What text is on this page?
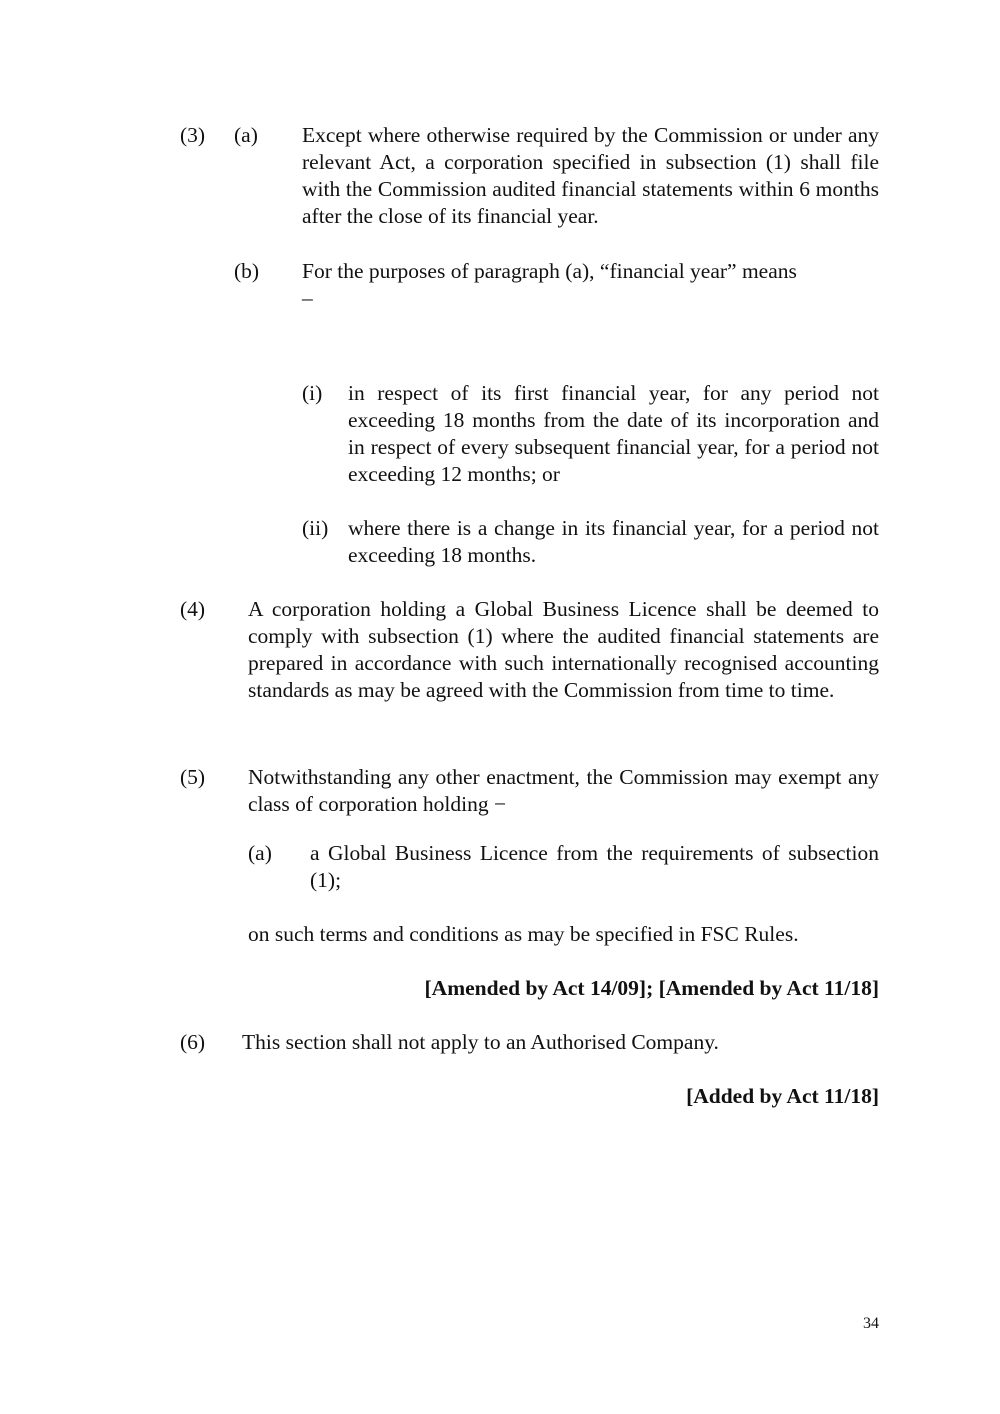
(3) (a) Except where otherwise required by the Commission or under any relevant Act, a corporation specified in subsection (1) shall file with the Commission audited financial statements within 6 months after the close of its financial year.
(b) For the purposes of paragraph (a), “financial year” means
–
(i) in respect of its first financial year, for any period not exceeding 18 months from the date of its incorporation and in respect of every subsequent financial year, for a period not exceeding 12 months; or
(ii) where there is a change in its financial year, for a period not exceeding 18 months.
(4) A corporation holding a Global Business Licence shall be deemed to comply with subsection (1) where the audited financial statements are prepared in accordance with such internationally recognised accounting standards as may be agreed with the Commission from time to time.
(5) Notwithstanding any other enactment, the Commission may exempt any class of corporation holding −
(a) a Global Business Licence from the requirements of subsection (1);
on such terms and conditions as may be specified in FSC Rules.
[Amended by Act 14/09]; [Amended by Act 11/18]
(6) This section shall not apply to an Authorised Company.
[Added by Act 11/18]
34
